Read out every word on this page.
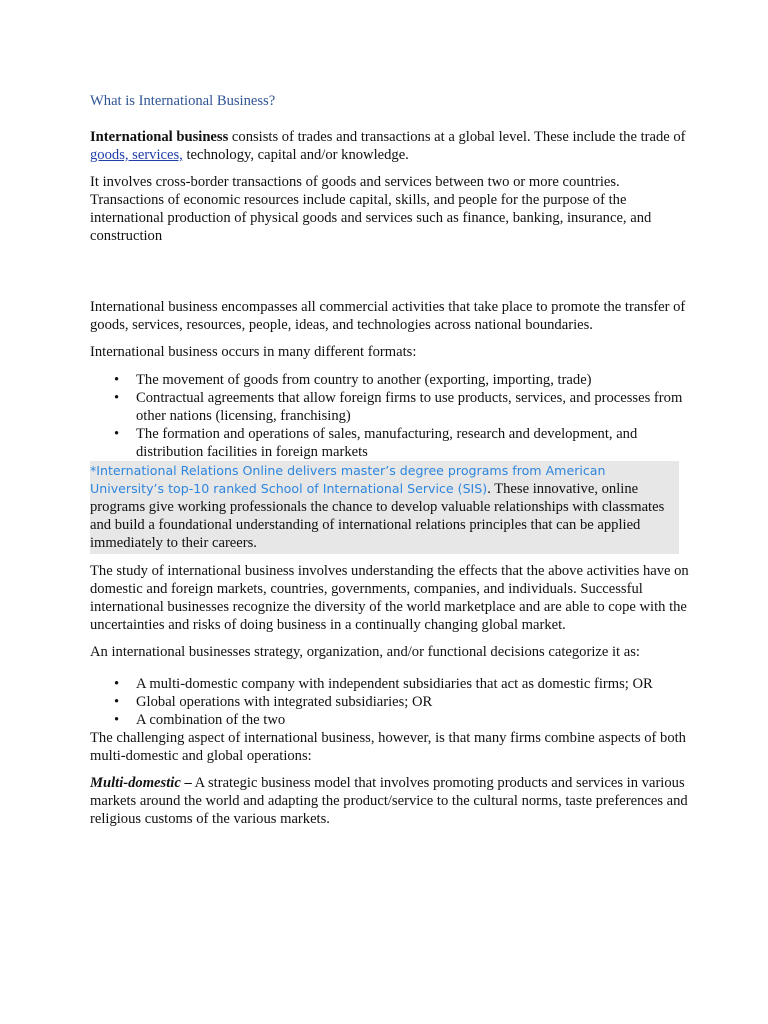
What is International Business?

International business consists of trades and transactions at a global level. These include the trade of goods, services, technology, capital and/or knowledge.

It involves cross-border transactions of goods and services between two or more countries. Transactions of economic resources include capital, skills, and people for the purpose of the international production of physical goods and services such as finance, banking, insurance, and construction

International business encompasses all commercial activities that take place to promote the transfer of goods, services, resources, people, ideas, and technologies across national boundaries.

International business occurs in many different formats:

•	The movement of goods from country to another (exporting, importing, trade)
•	Contractual agreements that allow foreign firms to use products, services, and processes from other nations (licensing, franchising)
•	The formation and operations of sales, manufacturing, research and development, and distribution facilities in foreign markets
*International Relations Online delivers master’s degree programs from American University’s top-10 ranked School of International Service (SIS). These innovative, online programs give working professionals the chance to develop valuable relationships with classmates and build a foundational understanding of international relations principles that can be applied immediately to their careers.

The study of international business involves understanding the effects that the above activities have on domestic and foreign markets, countries, governments, companies, and individuals. Successful international businesses recognize the diversity of the world marketplace and are able to cope with the uncertainties and risks of doing business in a continually changing global market.

An international businesses strategy, organization, and/or functional decisions categorize it as:

•	A multi-domestic company with independent subsidiaries that act as domestic firms; OR
•	Global operations with integrated subsidiaries; OR
•	A combination of the two

The challenging aspect of international business, however, is that many firms combine aspects of both multi-domestic and global operations:

Multi-domestic – A strategic business model that involves promoting products and services in various markets around the world and adapting the product/service to the cultural norms, taste preferences and religious customs of the various markets.
